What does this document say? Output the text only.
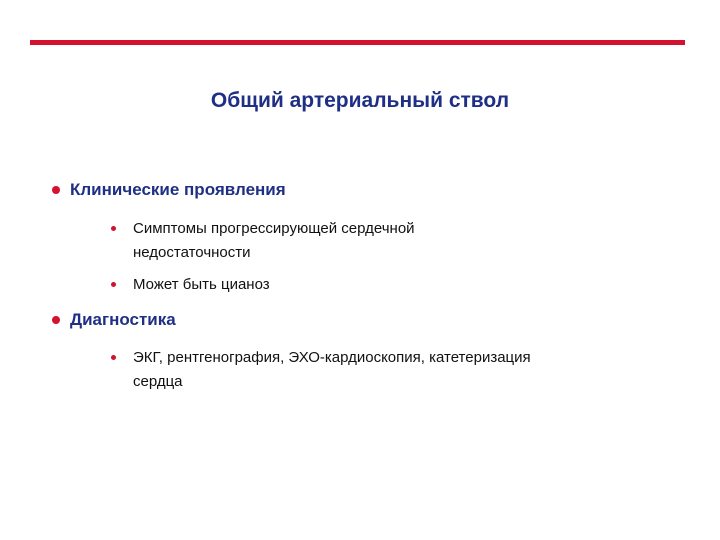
Общий артериальный ствол
Клинические проявления
Симптомы прогрессирующей сердечной
недостаточности
Может быть цианоз
Диагностика
ЭКГ, рентгенография, ЭХО-кардиоскопия, катетеризация
сердца
